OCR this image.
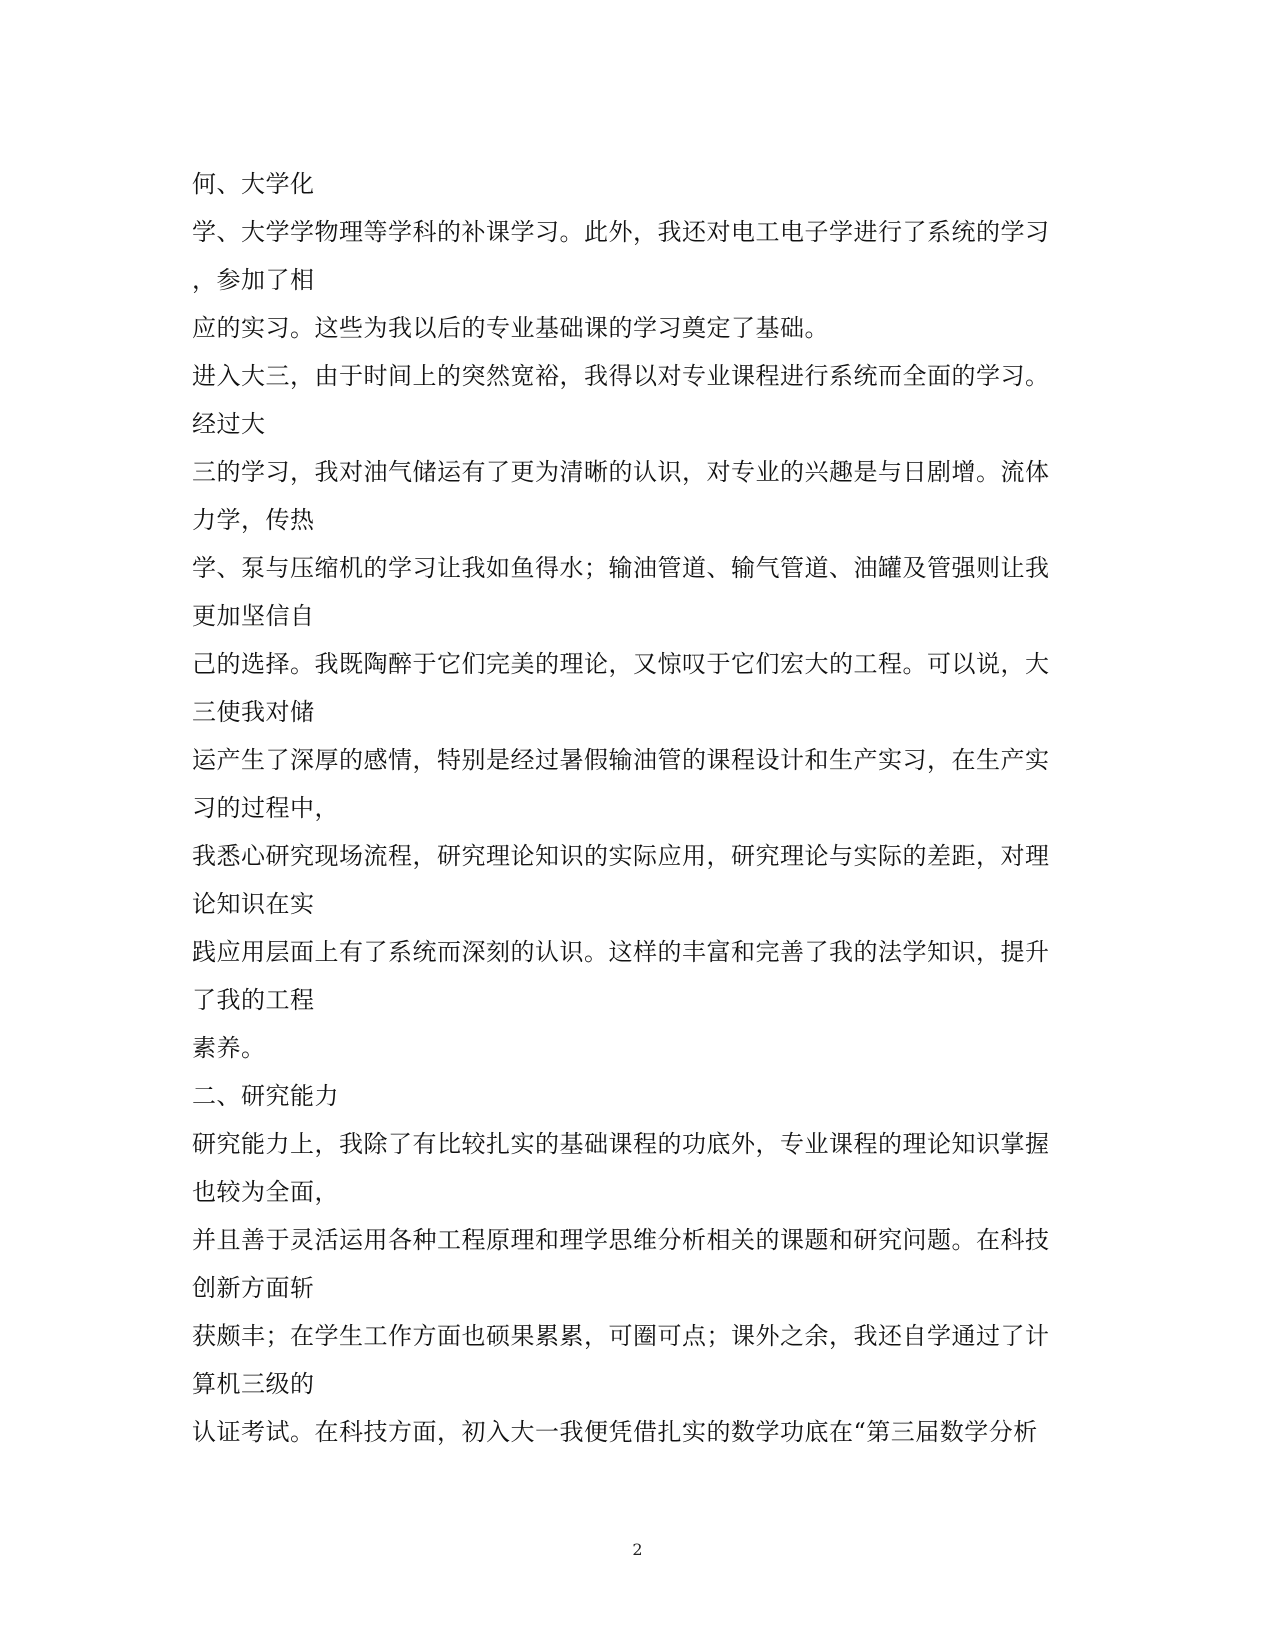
何、大学化
学、大学学物理等学科的补课学习。此外，我还对电工电子学进行了系统的学习
，参加了相
应的实习。这些为我以后的专业基础课的学习奠定了基础。
进入大三，由于时间上的突然宽裕，我得以对专业课程进行系统而全面的学习。
经过大
三的学习，我对油气储运有了更为清晰的认识，对专业的兴趣是与日剧增。流体
力学，传热
学、泵与压缩机的学习让我如鱼得水；输油管道、输气管道、油罐及管强则让我
更加坚信自
己的选择。我既陶醉于它们完美的理论，又惊叹于它们宏大的工程。可以说，大
三使我对储
运产生了深厚的感情，特别是经过暑假输油管的课程设计和生产实习，在生产实
习的过程中，
我悉心研究现场流程，研究理论知识的实际应用，研究理论与实际的差距，对理
论知识在实
践应用层面上有了系统而深刻的认识。这样的丰富和完善了我的法学知识，提升
了我的工程
素养。
二、研究能力
研究能力上，我除了有比较扎实的基础课程的功底外，专业课程的理论知识掌握
也较为全面，
并且善于灵活运用各种工程原理和理学思维分析相关的课题和研究问题。在科技
创新方面斩
获颇丰；在学生工作方面也硕果累累，可圈可点；课外之余，我还自学通过了计
算机三级的
认证考试。在科技方面，初入大一我便凭借扎实的数学功底在“第三届数学分析
2
